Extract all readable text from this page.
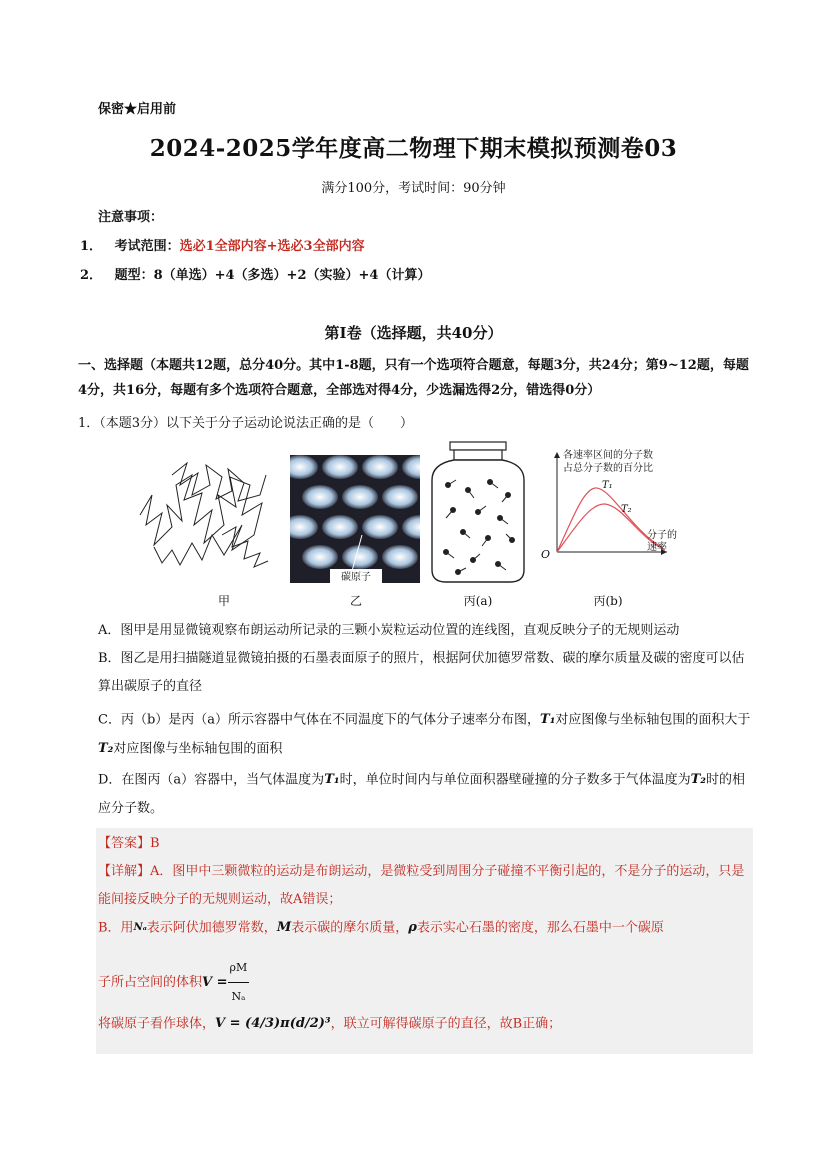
保密★启用前
2024-2025学年度高二物理下期末模拟预测卷03
满分100分，考试时间：90分钟
注意事项：
1． 考试范围：选必1全部内容+选必3全部内容
2． 题型：8（单选）+4（多选）+2（实验）+4（计算）
第Ⅰ卷（选择题，共40分）
一、选择题（本题共12题，总分40分。其中1-8题，只有一个选项符合题意，每题3分，共24分；第9~12题，每题4分，共16分，每题有多个选项符合题意，全部选对得4分，少选漏选得2分，错选得0分）
1．（本题3分）以下关于分子运动论说法正确的是（　　）
碳原子
各速率区间的分子数
占总分子数的百分比
T₁
T₂
分子的
速率
O
甲	乙	丙(a)	丙(b)
A．图甲是用显微镜观察布朗运动所记录的三颗小炭粒运动位置的连线图，直观反映分子的无规则运动
B．图乙是用扫描隧道显微镜拍摄的石墨表面原子的照片，根据阿伏加德罗常数、碳的摩尔质量及碳的密度可以估算出碳原子的直径
C．丙（b）是丙（a）所示容器中气体在不同温度下的气体分子速率分布图，T₁对应图像与坐标轴包围的面积大于T₂对应图像与坐标轴包围的面积
D．在图丙（a）容器中，当气体温度为T₁时，单位时间内与单位面积器壁碰撞的分子数多于气体温度为T₂时的相应分子数。
【答案】B
【详解】A．图甲中三颗微粒的运动是布朗运动，是微粒受到周围分子碰撞不平衡引起的，不是分子的运动，只是能间接反映分子的无规则运动，故A错误；
B．用Nₐ表示阿伏加德罗常数，M表示碳的摩尔质量，ρ表示实心石墨的密度，那么石墨中一个碳原
子所占空间的体积$V = \frac{\rho M}{\text{Nₐ}}$
将碳原子看作球体，V = (4/3)π(d/2)³，联立可解得碳原子的直径，故B正确；
